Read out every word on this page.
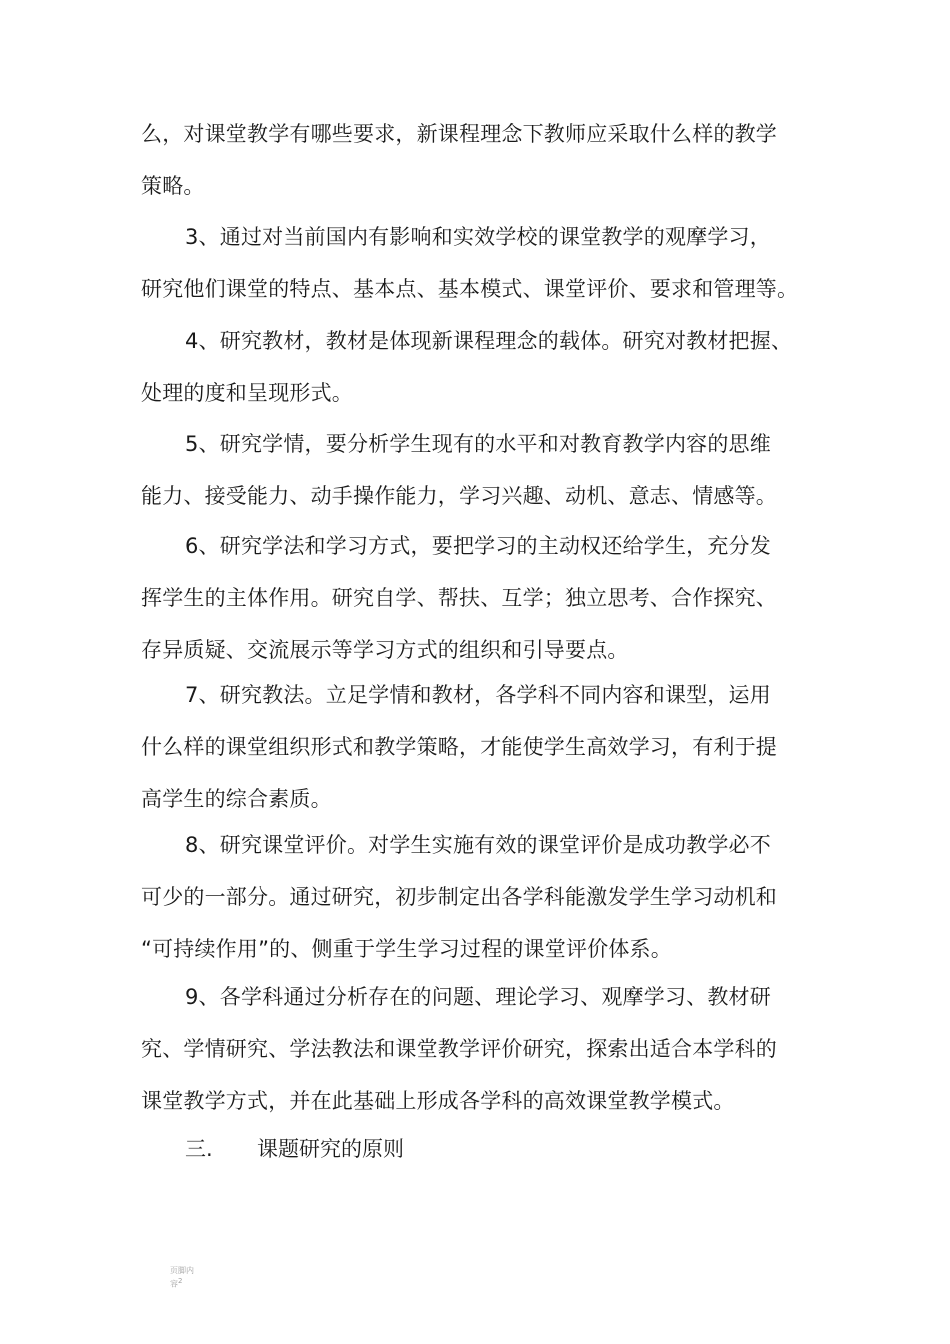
么，对课堂教学有哪些要求，新课程理念下教师应采取什么样的教学
策略。

3、通过对当前国内有影响和实效学校的课堂教学的观摩学习，
研究他们课堂的特点、基本点、基本模式、课堂评价、要求和管理等。

4、研究教材，教材是体现新课程理念的载体。研究对教材把握、
处理的度和呈现形式。

5、研究学情，要分析学生现有的水平和对教育教学内容的思维
能力、接受能力、动手操作能力，学习兴趣、动机、意志、情感等。

6、研究学法和学习方式，要把学习的主动权还给学生，充分发
挥学生的主体作用。研究自学、帮扶、互学；独立思考、合作探究、
存异质疑、交流展示等学习方式的组织和引导要点。

7、研究教法。立足学情和教材，各学科不同内容和课型，运用
什么样的课堂组织形式和教学策略，才能使学生高效学习，有利于提
高学生的综合素质。

8、研究课堂评价。对学生实施有效的课堂评价是成功教学必不
可少的一部分。通过研究，初步制定出各学科能激发学生学习动机和
“可持续作用”的、侧重于学生学习过程的课堂评价体系。

9、各学科通过分析存在的问题、理论学习、观摩学习、教材研
究、学情研究、学法教法和课堂教学评价研究，探索出适合本学科的
课堂教学方式，并在此基础上形成各学科的高效课堂教学模式。

三. 课题研究的原则

页脚内容2
